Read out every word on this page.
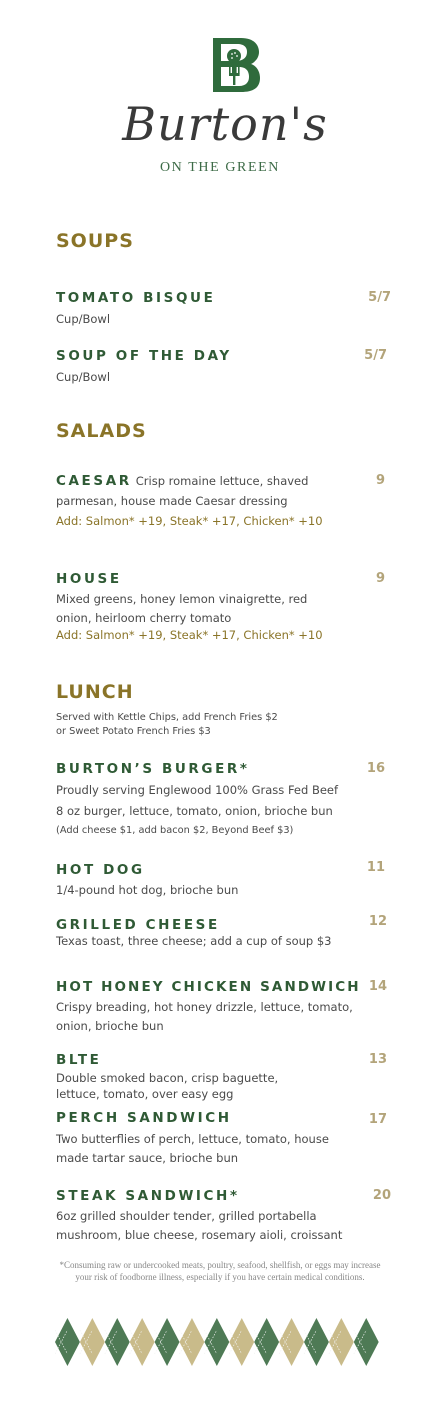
Burton's
ON THE GREEN
SOUPS
TOMATO BISQUE	5/7
Cup/Bowl
SOUP OF THE DAY	5/7
Cup/Bowl
SALADS
CAESAR Crisp romaine lettuce, shaved	9
parmesan, house made Caesar dressing
Add: Salmon* +19, Steak* +17, Chicken* +10
HOUSE	9
Mixed greens, honey lemon vinaigrette, red
onion, heirloom cherry tomato
Add: Salmon* +19, Steak* +17, Chicken* +10
LUNCH
Served with Kettle Chips, add French Fries $2
or Sweet Potato French Fries $3
BURTON’S BURGER*	16
Proudly serving Englewood 100% Grass Fed Beef
8 oz burger, lettuce, tomato, onion, brioche bun
(Add cheese $1, add bacon $2, Beyond Beef $3)
HOT DOG	11
1/4-pound hot dog, brioche bun
GRILLED CHEESE	12
Texas toast, three cheese; add a cup of soup $3
HOT HONEY CHICKEN SANDWICH 14
Crispy breading, hot honey drizzle, lettuce, tomato,
onion, brioche bun
BLTE	13
Double smoked bacon, crisp baguette,
lettuce, tomato, over easy egg
PERCH SANDWICH	17
Two butterflies of perch, lettuce, tomato, house
made tartar sauce, brioche bun
STEAK SANDWICH*	20
6oz grilled shoulder tender, grilled portabella
mushroom, blue cheese, rosemary aioli, croissant
*Consuming raw or undercooked meats, poultry, seafood, shellfish, or eggs may increase
your risk of foodborne illness, especially if you have certain medical conditions.
